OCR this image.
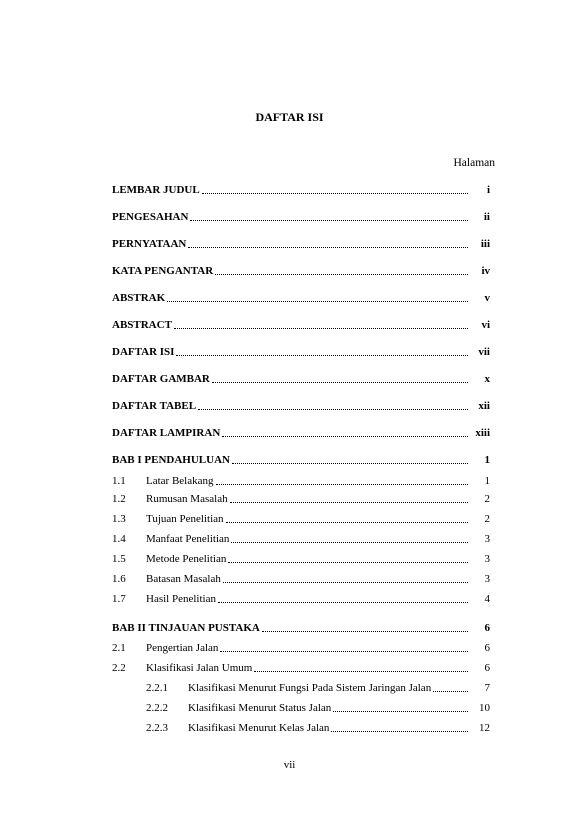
DAFTAR ISI
Halaman
LEMBAR JUDUL	i
PENGESAHAN	ii
PERNYATAAN	iii
KATA PENGANTAR	iv
ABSTRAK	v
ABSTRACT	vi
DAFTAR ISI	vii
DAFTAR GAMBAR	x
DAFTAR TABEL	xii
DAFTAR LAMPIRAN	xiii
BAB I PENDAHULUAN	1
1.1 Latar Belakang	1
1.2 Rumusan Masalah	2
1.3 Tujuan Penelitian	2
1.4 Manfaat Penelitian	3
1.5 Metode Penelitian	3
1.6 Batasan Masalah	3
1.7 Hasil Penelitian	4
BAB II TINJAUAN PUSTAKA	6
2.1 Pengertian Jalan	6
2.2 Klasifikasi Jalan Umum	6
2.2.1 Klasifikasi Menurut Fungsi Pada Sistem Jaringan Jalan	7
2.2.2 Klasifikasi Menurut Status Jalan	10
2.2.3 Klasifikasi Menurut Kelas Jalan	12
vii
